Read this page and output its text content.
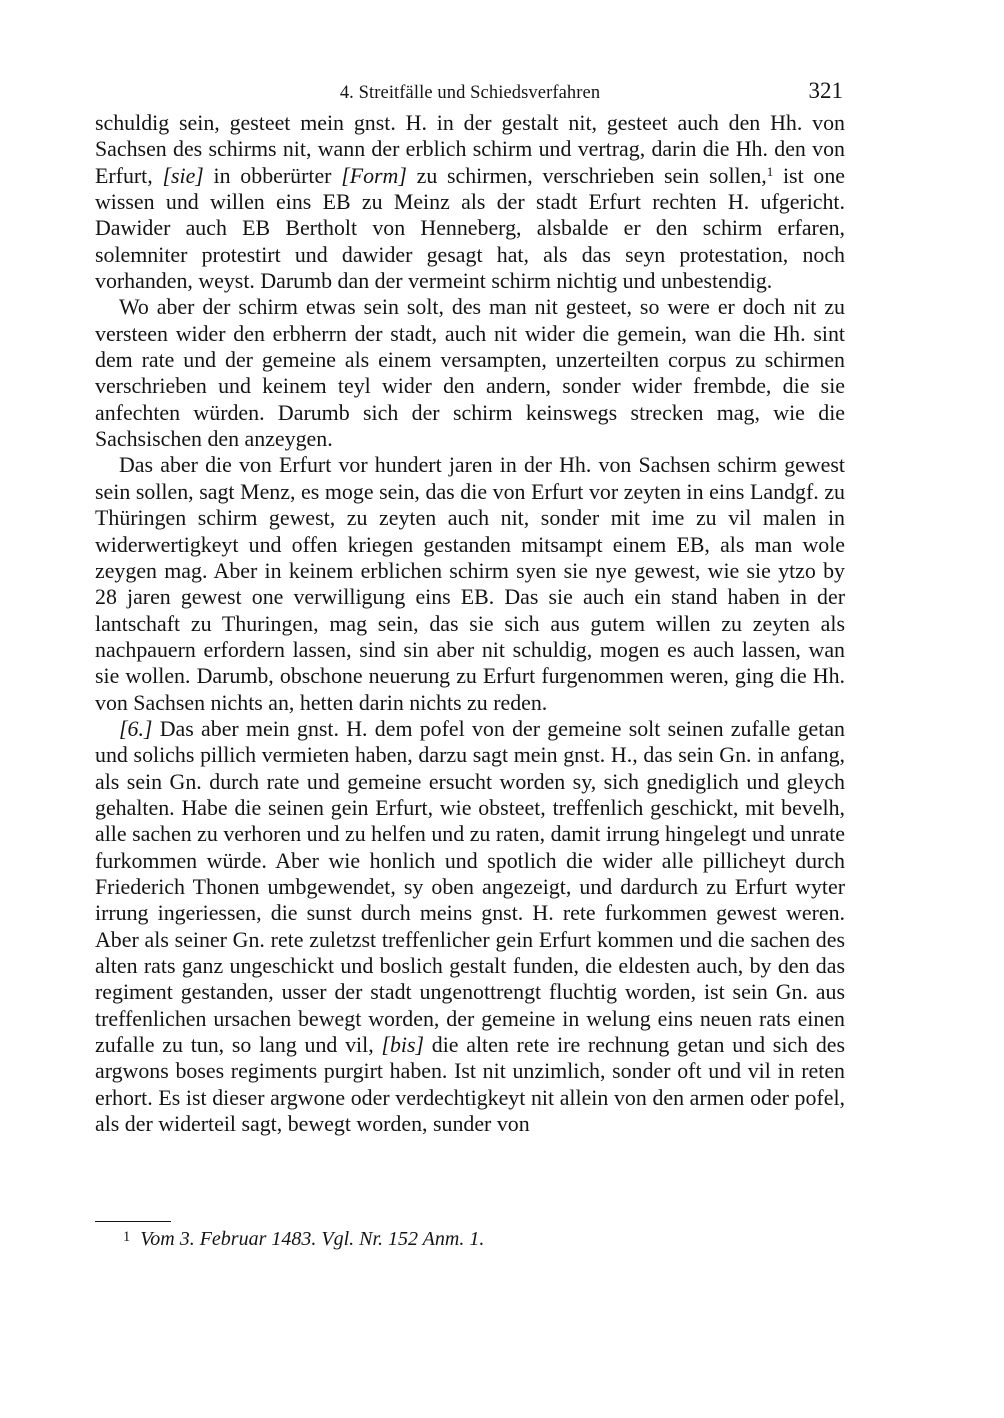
4. Streitfälle und Schiedsverfahren	321

schuldig sein, gesteet mein gnst. H. in der gestalt nit, gesteet auch den Hh. von Sachsen des schirms nit, wann der erblich schirm und vertrag, darin die Hh. den von Erfurt, [sie] in obberürter [Form] zu schirmen, verschrieben sein sollen,$^1$ ist one wissen und willen eins EB zu Meinz als der stadt Erfurt rechten H. ufgericht. Dawider auch EB Bertholt von Henneberg, alsbalde er den schirm erfaren, solemniter protestirt und dawider gesagt hat, als das seyn protestation, noch vorhanden, weyst. Darumb dan der vermeint schirm nichtig und unbestendig.

Wo aber der schirm etwas sein solt, des man nit gesteet, so were er doch nit zu versteen wider den erbherrn der stadt, auch nit wider die gemein, wan die Hh. sint dem rate und der gemeine als einem versampten, unzerteilten corpus zu schirmen verschrieben und keinem teyl wider den andern, sonder wider frembde, die sie anfechten würden. Darumb sich der schirm keinswegs strecken mag, wie die Sachsischen den anzeygen.

Das aber die von Erfurt vor hundert jaren in der Hh. von Sachsen schirm gewest sein sollen, sagt Menz, es moge sein, das die von Erfurt vor zeyten in eins Landgf. zu Thüringen schirm gewest, zu zeyten auch nit, sonder mit ime zu vil malen in widerwertigkeyt und offen kriegen gestanden mitsampt einem EB, als man wole zeygen mag. Aber in keinem erblichen schirm syen sie nye gewest, wie sie ytzo by 28 jaren gewest one verwilligung eins EB. Das sie auch ein stand haben in der lantschaft zu Thuringen, mag sein, das sie sich aus gutem willen zu zeyten als nachpauern erfordern lassen, sind sin aber nit schuldig, mogen es auch lassen, wan sie wollen. Darumb, obschone neuerung zu Erfurt furgenommen weren, ging die Hh. von Sachsen nichts an, hetten darin nichts zu reden.

[6.] Das aber mein gnst. H. dem pofel von der gemeine solt seinen zufalle getan und solichs pillich vermieten haben, darzu sagt mein gnst. H., das sein Gn. in anfang, als sein Gn. durch rate und gemeine ersucht worden sy, sich gnediglich und gleych gehalten. Habe die seinen gein Erfurt, wie obsteet, treffenlich geschickt, mit bevelh, alle sachen zu verhoren und zu helfen und zu raten, damit irrung hingelegt und unrate furkommen würde. Aber wie honlich und spotlich die wider alle pillicheyt durch Friederich Thonen umbgewendet, sy oben angezeigt, und dardurch zu Erfurt wyter irrung ingeriessen, die sunst durch meins gnst. H. rete furkommen gewest weren. Aber als seiner Gn. rete zuletzst treffenlicher gein Erfurt kommen und die sachen des alten rats ganz ungeschickt und boslich gestalt funden, die eldesten auch, by den das regiment gestanden, usser der stadt ungenottrengt fluchtig worden, ist sein Gn. aus treffenlichen ursachen bewegt worden, der gemeine in welung eins neuen rats einen zufalle zu tun, so lang und vil, [bis] die alten rete ire rechnung getan und sich des argwons boses regiments purgirt haben. Ist nit unzimlich, sonder oft und vil in reten erhort. Es ist dieser argwone oder verdechtigkeyt nit allein von den armen oder pofel, als der widerteil sagt, bewegt worden, sunder von

$^1$ Vom 3. Februar 1483. Vgl. Nr. 152 Anm. 1.
